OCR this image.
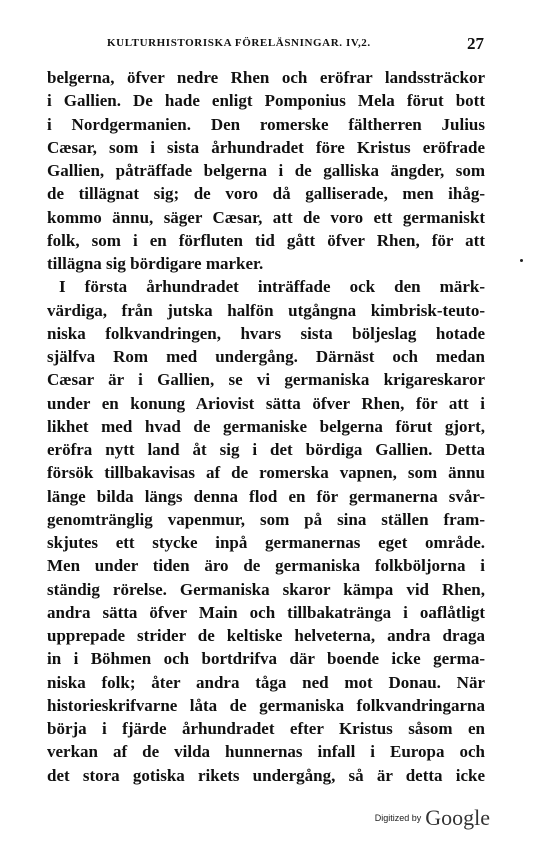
KULTURHISTORISKA FÖRELÄSNINGAR. IV,2.	27
belgerna, öfver nedre Rhen och eröfrar landssträckor
i Gallien. De hade enligt Pomponius Mela förut bott
i Nordgermanien. Den romerske fältherren Julius
Cæsar, som i sista århundradet före Kristus eröfrade
Gallien, påträffade belgerna i de galliska ängder, som
de tillägnat sig; de voro då galliserade, men ihåg-
kommo ännu, säger Cæsar, att de voro ett germaniskt
folk, som i en förfluten tid gått öfver Rhen, för att
tillägna sig bördigare marker.
I första århundradet inträffade ock den märk-
värdiga, från jutska halfön utgångna kimbrisk-teuto-
niska folkvandringen, hvars sista böljeslag hotade
själfva Rom med undergång. Därnäst och medan
Cæsar är i Gallien, se vi germaniska krigareskaror
under en konung Ariovist sätta öfver Rhen, för att i
likhet med hvad de germaniske belgerna förut gjort,
eröfra nytt land åt sig i det bördiga Gallien. Detta
försök tillbakavisas af de romerska vapnen, som ännu
länge bilda längs denna flod en för germanerna svår-
genomtränglig vapenmur, som på sina ställen fram-
skjutes ett stycke inpå germanernas eget område.
Men under tiden äro de germaniska folkböljorna i
ständig rörelse. Germaniska skaror kämpa vid Rhen,
andra sätta öfver Main och tillbakatränga i oaflåtligt
upprepade strider de keltiske helveterna, andra draga
in i Böhmen och bortdrifva där boende icke germa-
niska folk; åter andra tåga ned mot Donau. När
historieskrifvarne låta de germaniska folkvandringarna
börja i fjärde århundradet efter Kristus såsom en
verkan af de vilda hunnernas infall i Europa och
det stora gotiska rikets undergång, så är detta icke
Digitized by Google
